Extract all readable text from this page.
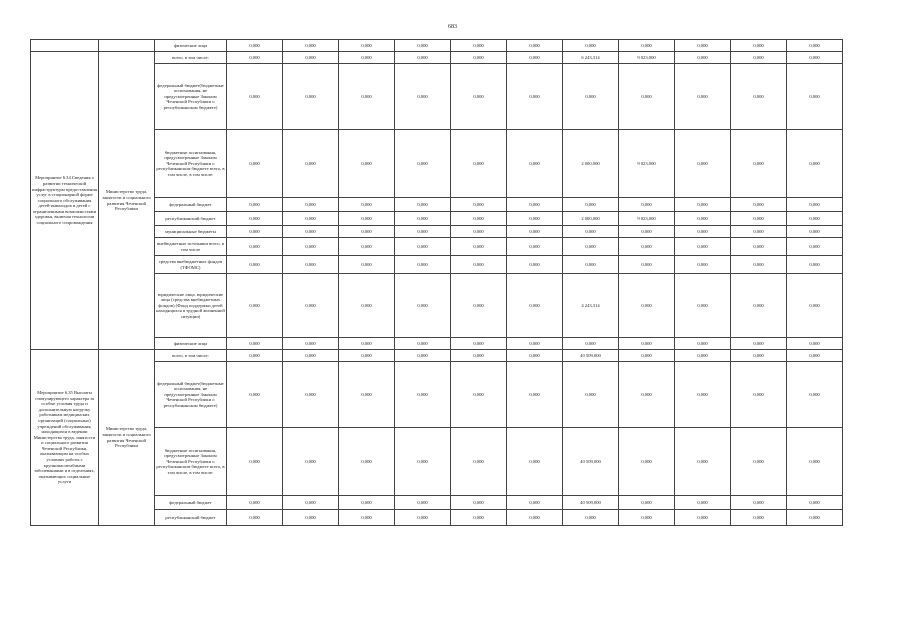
683
		физические лица	0,000	0,000	0,000	0,000	0,000	0,000	0,000	0,000	0,000	0,000	0,000
Мероприятие 6.34 Сведения о развитии технической инфраструктуры предоставления услуг в стационарной форме социального обслуживания детей-инвалидов и детей с ограниченными возможностями здоровья, включая технологии социального сопровождения	Министерство труда, занятости и социального развития Чеченской Республики	всего, в том числе:	0,000	0,000	0,000	0,000	0,000	0,000	6 243,314	9 023,000	0,000	0,000	0,000
		федеральный бюджет(бюджетные ассигнования, не предусмотренные Законом Чеченской Республики о республиканском бюджете)	0,000	0,000	0,000	0,000	0,000	0,000	0,000	0,000	0,000	0,000	0,000
		бюджетные ассигнования, предусмотренные Законом Чеченской Республики о республиканском бюджете всего, в том числе, в том числе:	0,000	0,000	0,000	0,000	0,000	0,000	2 000,000	9 023,000	0,000	0,000	0,000
		федеральный бюджет	0,000	0,000	0,000	0,000	0,000	0,000	0,000	0,000	0,000	0,000	0,000
		республиканский бюджет	0,000	0,000	0,000	0,000	0,000	0,000	2 000,000	9 023,000	0,000	0,000	0,000
		муниципальные бюджеты	0,000	0,000	0,000	0,000	0,000	0,000	0,000	0,000	0,000	0,000	0,000
		внебюджетные источники всего, в том числе	0,000	0,000	0,000	0,000	0,000	0,000	0,000	0,000	0,000	0,000	0,000
		средства внебюджетных фондов (ТФОМС)	0,000	0,000	0,000	0,000	0,000	0,000	0,000	0,000	0,000	0,000	0,000
		юридические лица, юридические лица (средства внебюджетных фондов) (Фонд поддержки детей находящихся в трудной жизненной ситуации)	0,000	0,000	0,000	0,000	0,000	0,000	4 243,314	0,000	0,000	0,000	0,000
		физические лица	0,000	0,000	0,000	0,000	0,000	0,000	0,000	0,000	0,000	0,000	0,000
Мероприятие 6.35 Выплаты стимулирующего характера за особые условия труда и дополнительную нагрузку работникам медицинских организаций (социальных) учреждений обслуживания, находящихся в ведении Министерства труда, занятости и социального развития Чеченской Республики, оказывающим на особых условиях работы с крупномасштабными заболеваниями и в отделениях, оказывающих социальные услуги	Министерство труда, занятости и социального развития Чеченской Республики	всего, в том числе:	0,000	0,000	0,000	0,000	0,000	0,000	40 509,000	0,000	0,000	0,000	0,000
		федеральный бюджет(бюджетные ассигнования, не предусмотренные Законом Чеченской Республики о республиканском бюджете)	0,000	0,000	0,000	0,000	0,000	0,000	0,000	0,000	0,000	0,000	0,000
		бюджетные ассигнования, предусмотренные Законом Чеченской Республики о республиканском бюджете всего, в том числе, в том числе:	0,000	0,000	0,000	0,000	0,000	0,000	40 509,000	0,000	0,000	0,000	0,000
		федеральный бюджет	0,000	0,000	0,000	0,000	0,000	0,000	40 509,000	0,000	0,000	0,000	0,000
		республиканский бюджет	0,000	0,000	0,000	0,000	0,000	0,000	0,000	0,000	0,000	0,000	0,000
